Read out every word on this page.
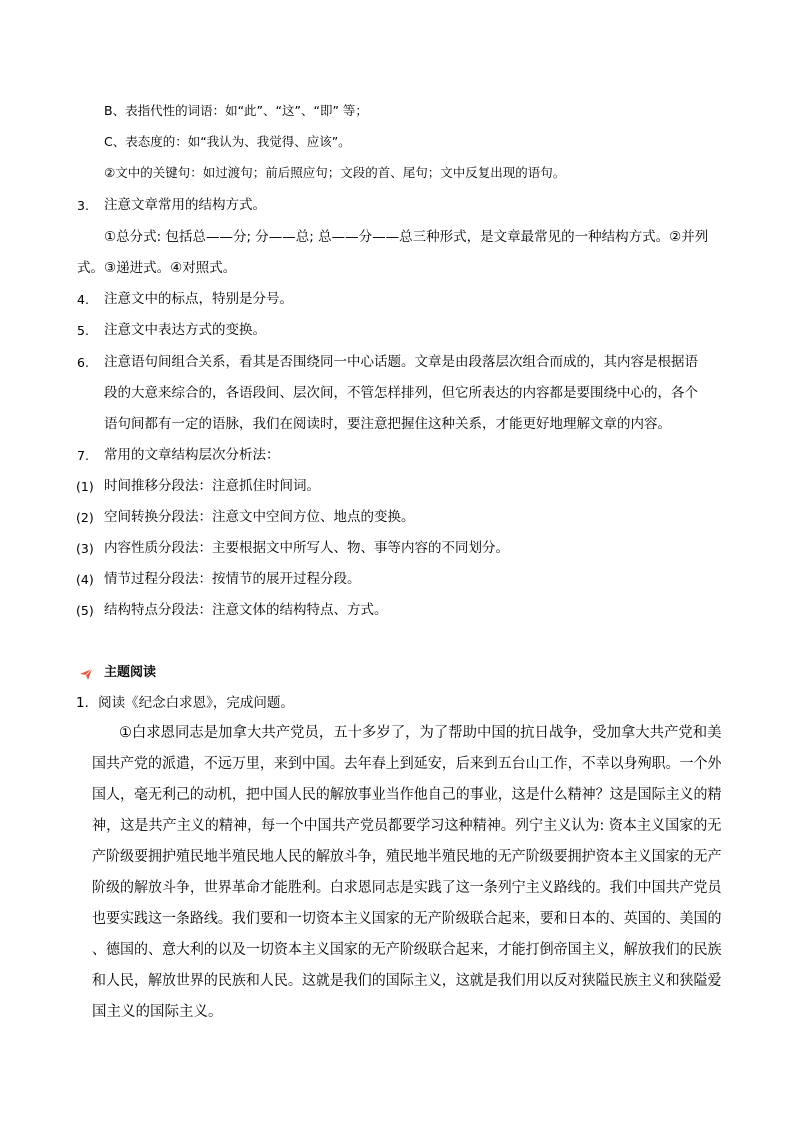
B、表指代性的词语：如“此”、“这”、“即” 等；
C、表态度的：如“我认为、我觉得、应该”。
②文中的关键句：如过渡句；前后照应句；文段的首、尾句；文中反复出现的语句。
3. 注意文章常用的结构方式。
①总分式: 包括总——分; 分——总; 总——分——总三种形式，是文章最常见的一种结构方式。②并列
式。③递进式。④对照式。
4. 注意文中的标点，特别是分号。
5. 注意文中表达方式的变换。
6. 注意语句间组合关系，看其是否围绕同一中心话题。文章是由段落层次组合而成的，其内容是根据语
段的大意来综合的，各语段间、层次间，不管怎样排列，但它所表达的内容都是要围绕中心的，各个
语句间都有一定的语脉，我们在阅读时，要注意把握住这种关系，才能更好地理解文章的内容。
7. 常用的文章结构层次分析法：
(1) 时间推移分段法：注意抓住时间词。
(2) 空间转换分段法：注意文中空间方位、地点的变换。
(3) 内容性质分段法：主要根据文中所写人、物、事等内容的不同划分。
(4) 情节过程分段法：按情节的展开过程分段。
(5) 结构特点分段法：注意文体的结构特点、方式。
主题阅读
1．阅读《纪念白求恩》，完成问题。
①白求恩同志是加拿大共产党员，五十多岁了，为了帮助中国的抗日战争，受加拿大共产党和美
国共产党的派遣，不远万里，来到中国。去年春上到延安，后来到五台山工作，不幸以身殉职。一个外
国人，毫无利己的动机，把中国人民的解放事业当作他自己的事业，这是什么精神？这是国际主义的精
神，这是共产主义的精神，每一个中国共产党员都要学习这种精神。列宁主义认为: 资本主义国家的无
产阶级要拥护殖民地半殖民地人民的解放斗争，殖民地半殖民地的无产阶级要拥护资本主义国家的无产
阶级的解放斗争，世界革命才能胜利。白求恩同志是实践了这一条列宁主义路线的。我们中国共产党员
也要实践这一条路线。我们要和一切资本主义国家的无产阶级联合起来，要和日本的、英国的、美国的
、德国的、意大利的以及一切资本主义国家的无产阶级联合起来，才能打倒帝国主义，解放我们的民族
和人民，解放世界的民族和人民。这就是我们的国际主义，这就是我们用以反对狭隘民族主义和狭隘爱
国主义的国际主义。
